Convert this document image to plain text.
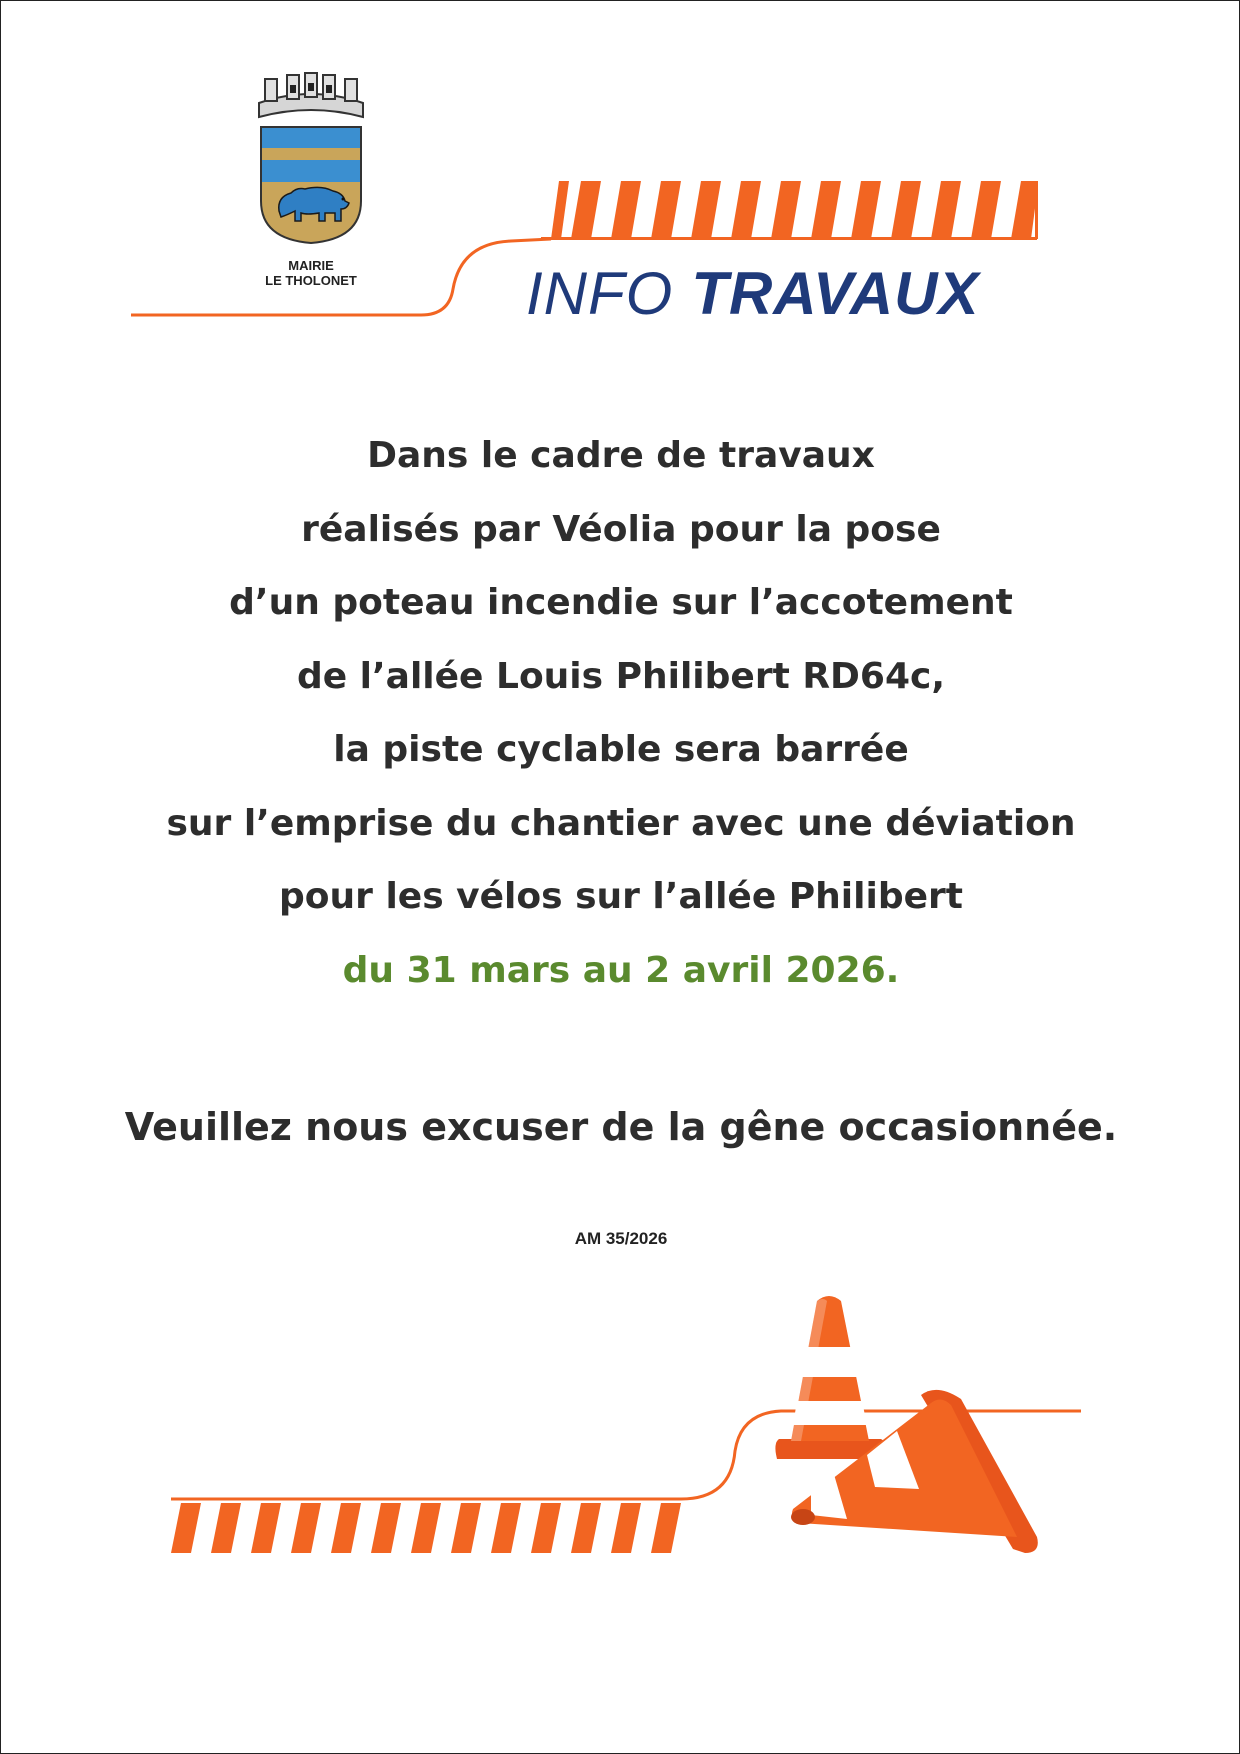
MAIRIE
LE THOLONET	INFO TRAVAUX
Dans le cadre de travaux
réalisés par Véolia pour la pose
d’un poteau incendie sur l’accotement
de l’allée Louis Philibert RD64c,
la piste cyclable sera barrée
sur l’emprise du chantier avec une déviation
pour les vélos sur l’allée Philibert
du 31 mars au 2 avril 2026.
Veuillez nous excuser de la gêne occasionnée.
AM 35/2026
